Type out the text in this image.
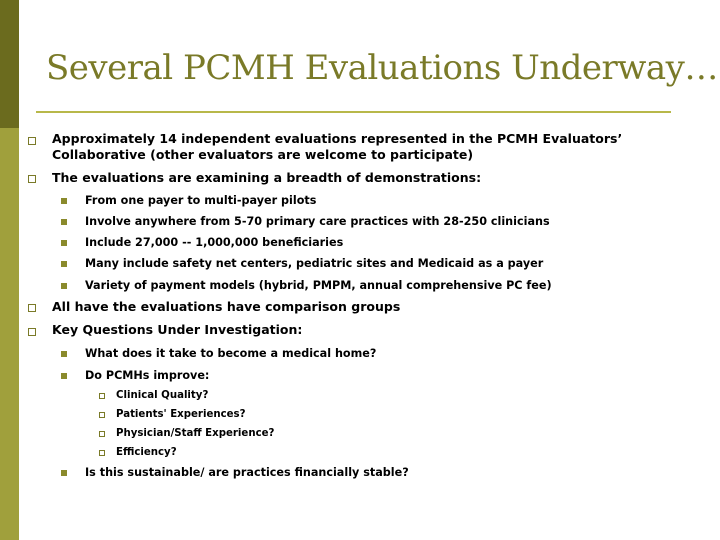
Several PCMH Evaluations Underway…
Approximately 14 independent evaluations represented in the PCMH Evaluators’
Collaborative (other evaluators are welcome to participate)
The evaluations are examining a breadth of demonstrations:
From one payer to multi-payer pilots
Involve anywhere from 5-70 primary care practices with 28-250 clinicians
Include 27,000 -- 1,000,000 beneficiaries
Many include safety net centers, pediatric sites and Medicaid as a payer
Variety of payment models (hybrid, PMPM, annual comprehensive PC fee)
All have the evaluations have comparison groups
Key Questions Under Investigation:
What does it take to become a medical home?
Do PCMHs improve:
Clinical Quality?
Patients' Experiences?
Physician/Staff Experience?
Efficiency?
Is this sustainable/ are practices financially stable?
